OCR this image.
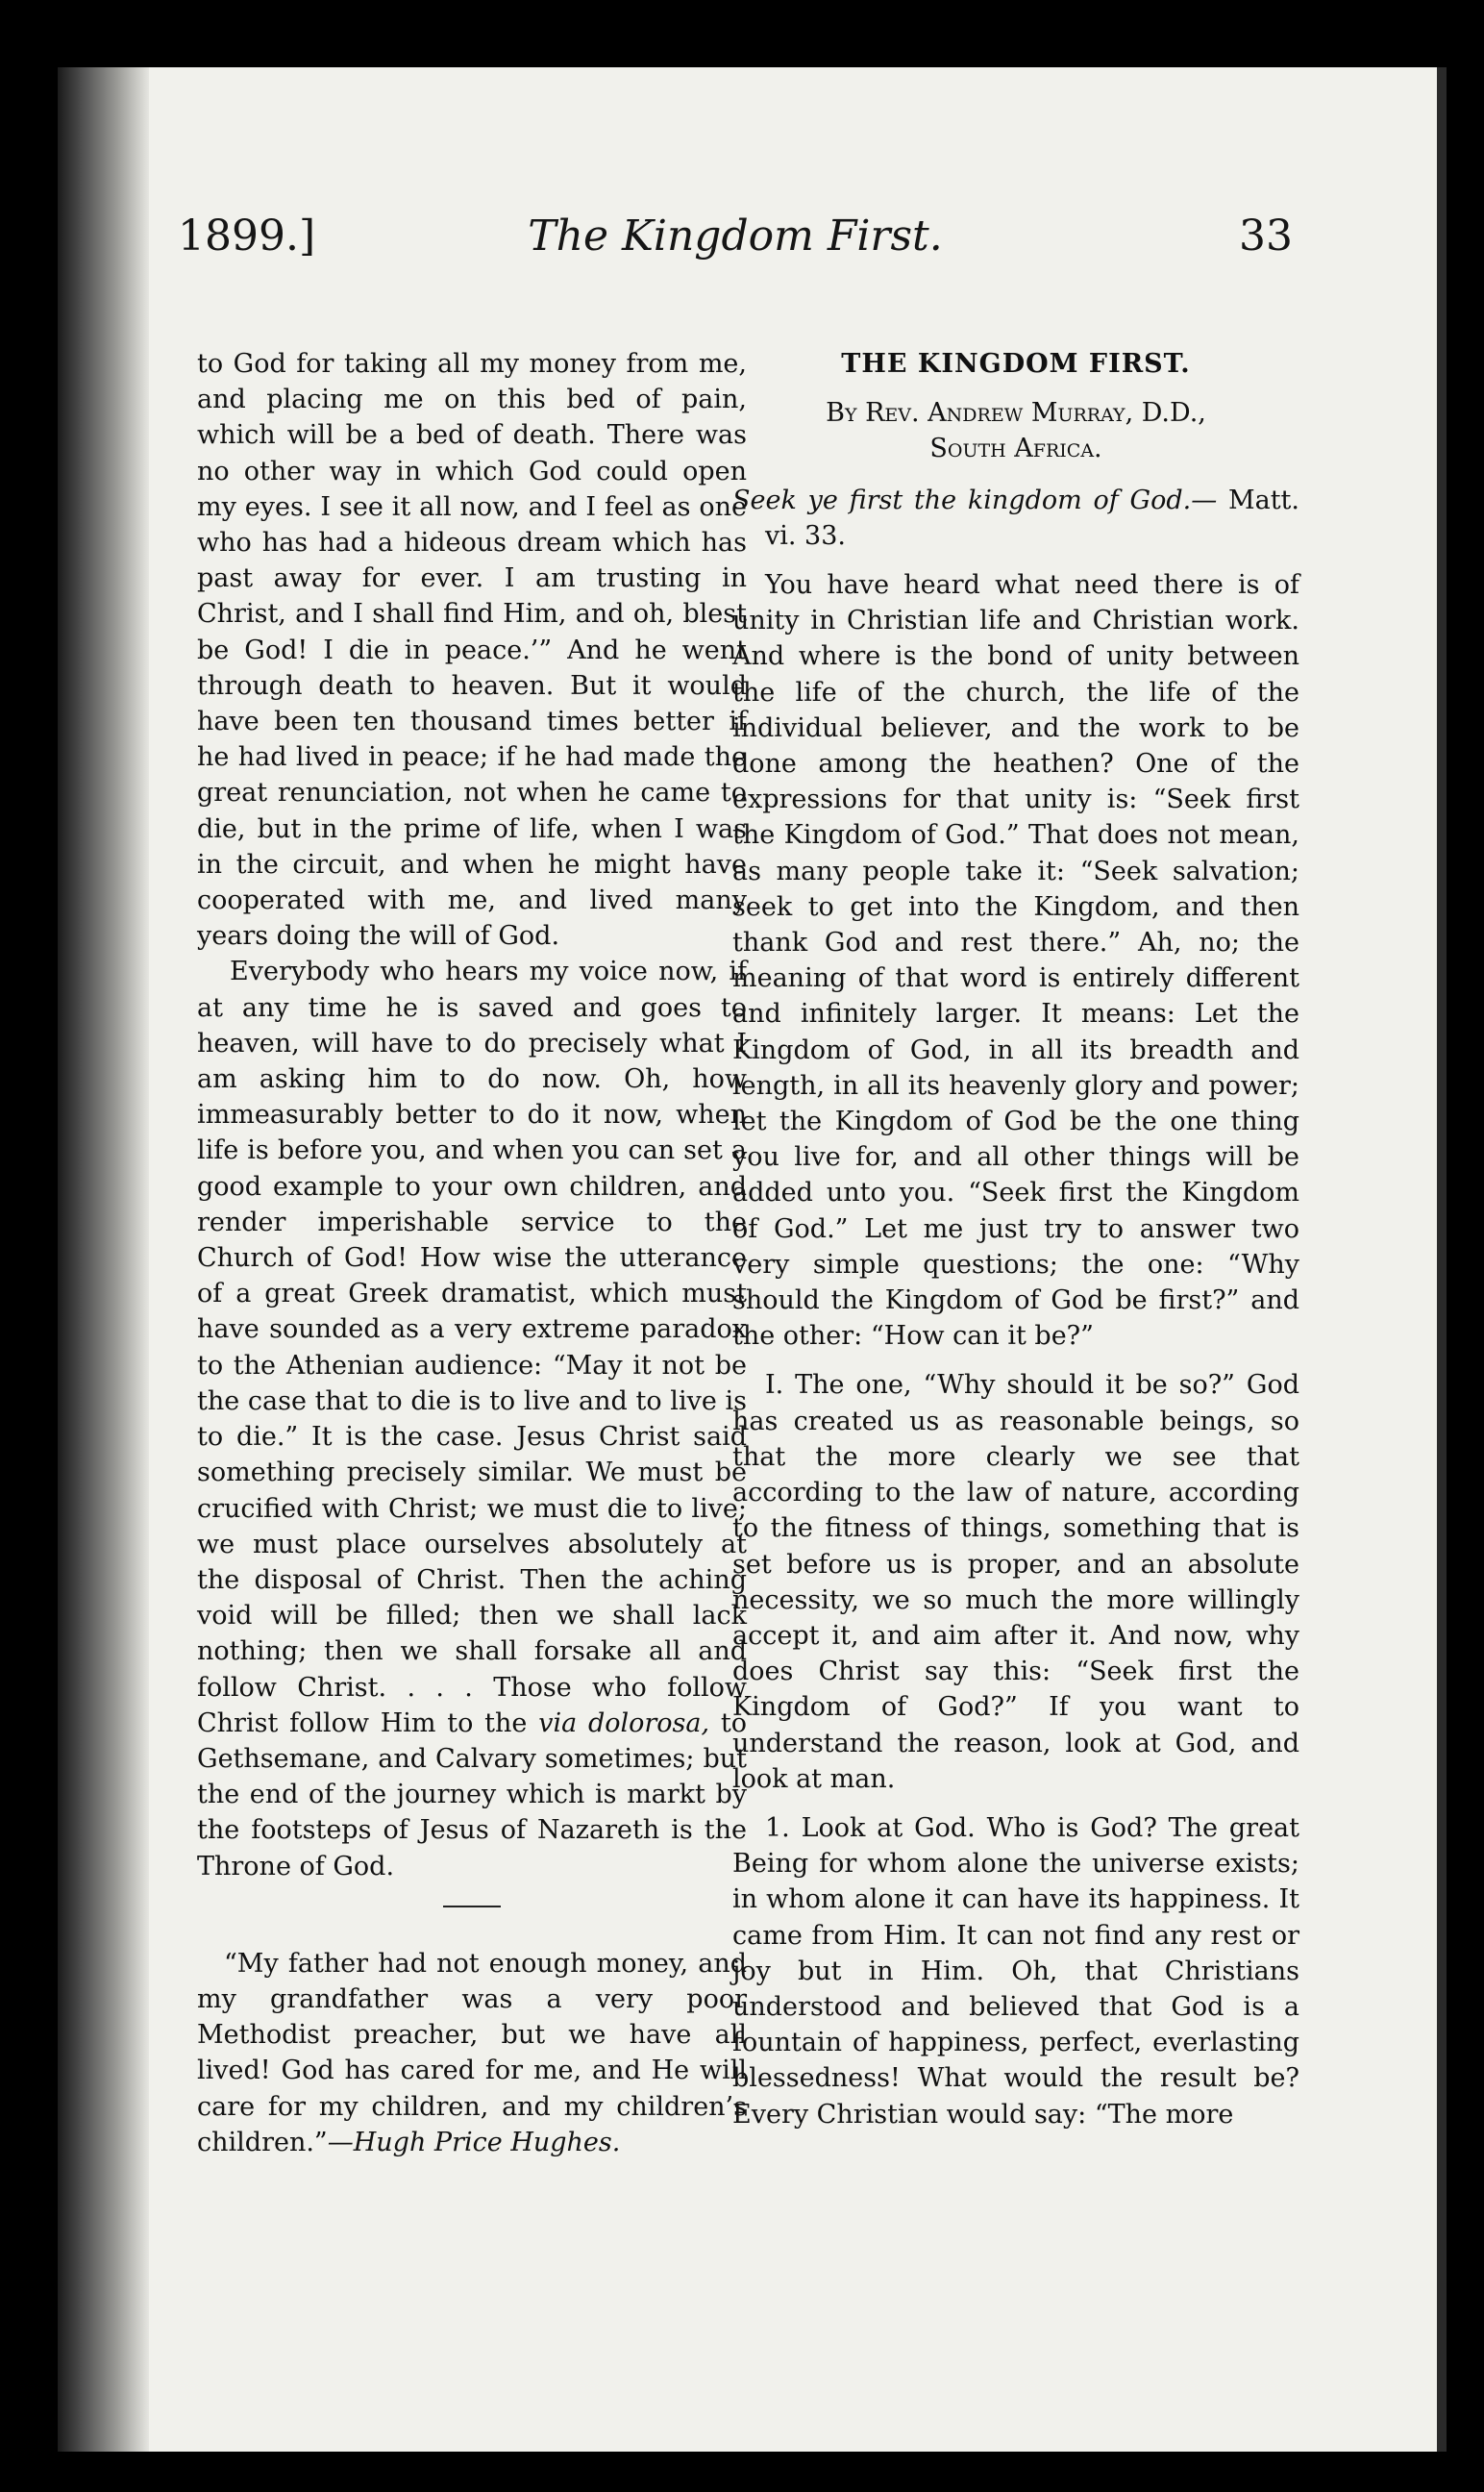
1899.]	The Kingdom First.	33

to God for taking all my money from me, and placing me on this bed of pain, which will be a bed of death. There was no other way in which God could open my eyes. I see it all now, and I feel as one who has had a hideous dream which has past away for ever. I am trusting in Christ, and I shall find Him, and oh, blest be God! I die in peace.’” And he went through death to heaven. But it would have been ten thousand times better if he had lived in peace; if he had made the great renunciation, not when he came to die, but in the prime of life, when I was in the circuit, and when he might have cooperated with me, and lived many years doing the will of God.

Everybody who hears my voice now, if at any time he is saved and goes to heaven, will have to do precisely what I am asking him to do now. Oh, how immeasurably better to do it now, when life is before you, and when you can set a good example to your own children, and render imperishable service to the Church of God! How wise the utterance of a great Greek dramatist, which must have sounded as a very extreme paradox to the Athenian audience: “May it not be the case that to die is to live and to live is to die.” It is the case. Jesus Christ said something precisely similar. We must be crucified with Christ; we must die to live; we must place ourselves absolutely at the disposal of Christ. Then the aching void will be filled; then we shall lack nothing; then we shall forsake all and follow Christ. . . . Those who follow Christ follow Him to the via dolorosa, to Gethsemane, and Calvary sometimes; but the end of the journey which is markt by the footsteps of Jesus of Nazareth is the Throne of God.

“My father had not enough money, and my grandfather was a very poor Methodist preacher, but we have all lived! God has cared for me, and He will care for my children, and my children’s children.”—Hugh Price Hughes.

THE KINGDOM FIRST.

By Rev. Andrew Murray, D.D.,
South Africa.

Seek ye first the kingdom of God.— Matt. vi. 33.

You have heard what need there is of unity in Christian life and Christian work. And where is the bond of unity between the life of the church, the life of the individual believer, and the work to be done among the heathen? One of the expressions for that unity is: “Seek first the Kingdom of God.” That does not mean, as many people take it: “Seek salvation; seek to get into the Kingdom, and then thank God and rest there.” Ah, no; the meaning of that word is entirely different and infinitely larger. It means: Let the Kingdom of God, in all its breadth and length, in all its heavenly glory and power; let the Kingdom of God be the one thing you live for, and all other things will be added unto you. “Seek first the Kingdom of God.” Let me just try to answer two very simple questions; the one: “Why should the Kingdom of God be first?” and the other: “How can it be?”

I. The one, “Why should it be so?” God has created us as reasonable beings, so that the more clearly we see that according to the law of nature, according to the fitness of things, something that is set before us is proper, and an absolute necessity, we so much the more willingly accept it, and aim after it. And now, why does Christ say this: “Seek first the Kingdom of God?” If you want to understand the reason, look at God, and look at man.

1. Look at God. Who is God? The great Being for whom alone the universe exists; in whom alone it can have its happiness. It came from Him. It can not find any rest or joy but in Him. Oh, that Christians understood and believed that God is a fountain of happiness, perfect, everlasting blessedness! What would the result be? Every Christian would say: “The more
